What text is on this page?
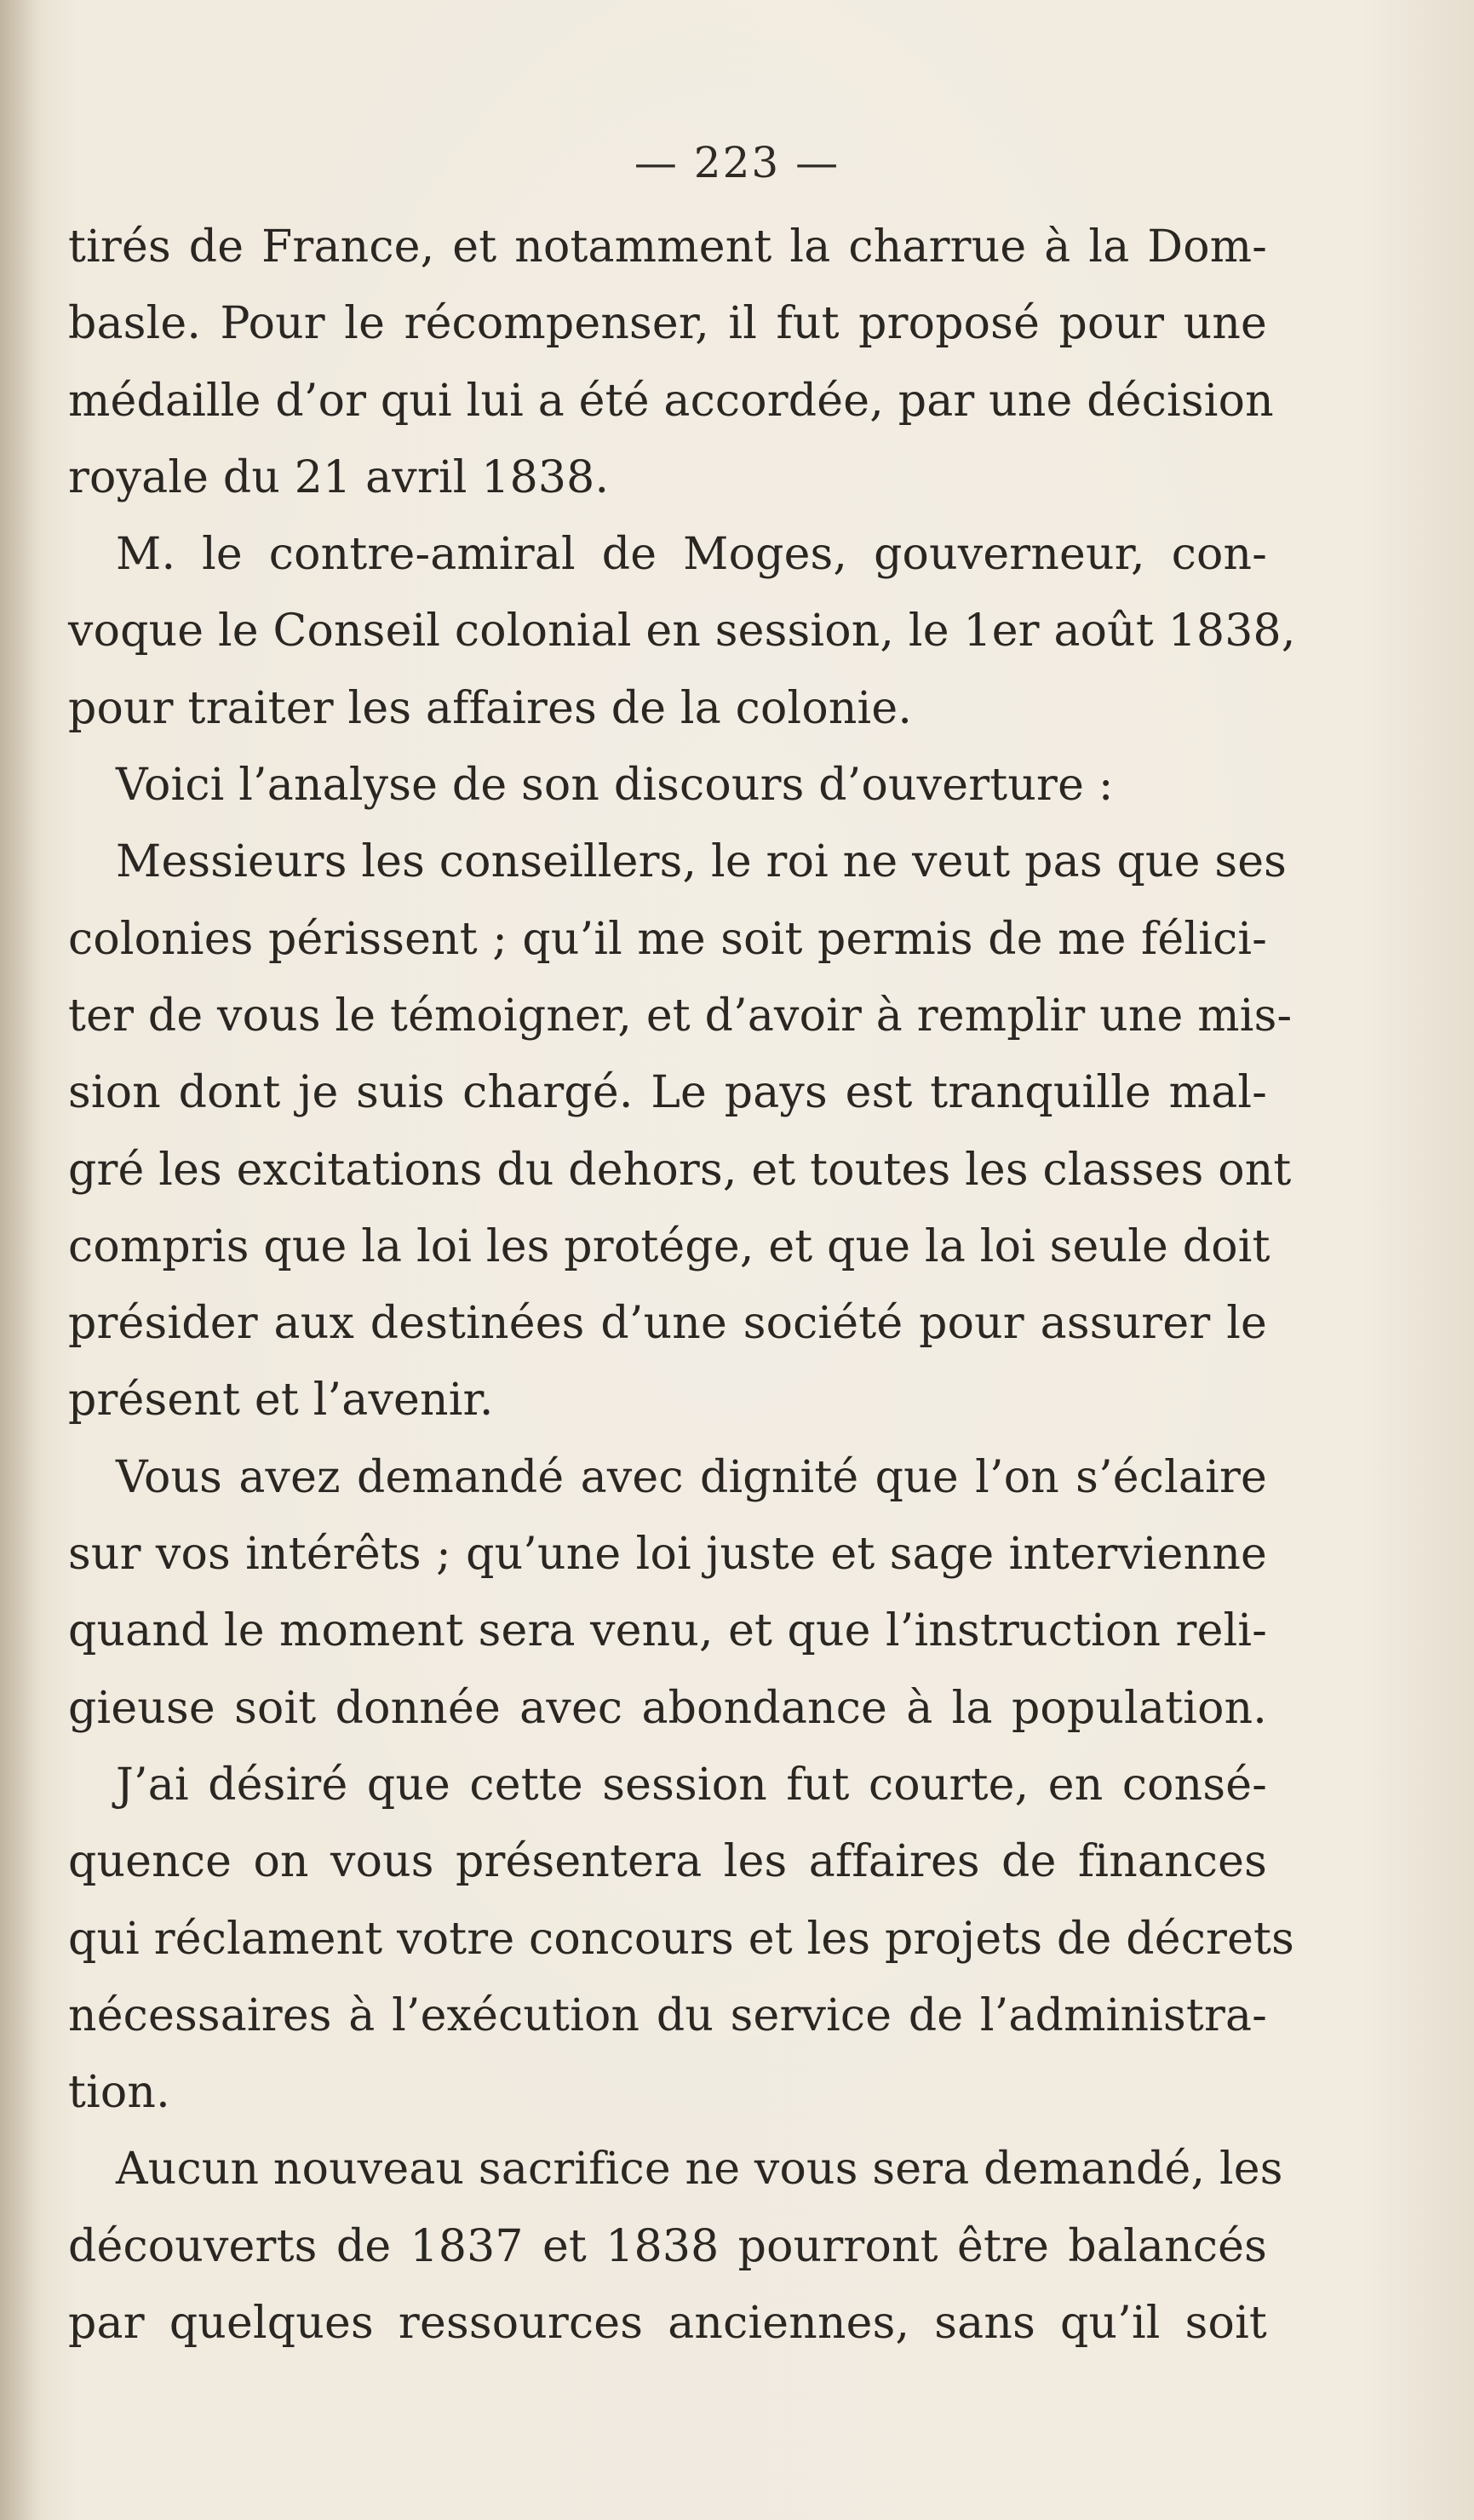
— 223 —
tirés de France, et notamment la charrue à la Dom-
basle. Pour le récompenser, il fut proposé pour une
médaille d’or qui lui a été accordée, par une décision
royale du 21 avril 1838.
M. le contre-amiral de Moges, gouverneur, con-
voque le Conseil colonial en session, le 1er août 1838,
pour traiter les affaires de la colonie.
Voici l’analyse de son discours d’ouverture :
Messieurs les conseillers, le roi ne veut pas que ses
colonies périssent ; qu’il me soit permis de me félici-
ter de vous le témoigner, et d’avoir à remplir une mis-
sion dont je suis chargé. Le pays est tranquille mal-
gré les excitations du dehors, et toutes les classes ont
compris que la loi les protége, et que la loi seule doit
présider aux destinées d’une société pour assurer le
présent et l’avenir.
Vous avez demandé avec dignité que l’on s’éclaire
sur vos intérêts ; qu’une loi juste et sage intervienne
quand le moment sera venu, et que l’instruction reli-
gieuse soit donnée avec abondance à la population.
J’ai désiré que cette session fut courte, en consé-
quence on vous présentera les affaires de finances
qui réclament votre concours et les projets de décrets
nécessaires à l’exécution du service de l’administra-
tion.
Aucun nouveau sacrifice ne vous sera demandé, les
découverts de 1837 et 1838 pourront être balancés
par quelques ressources anciennes, sans qu’il soit
